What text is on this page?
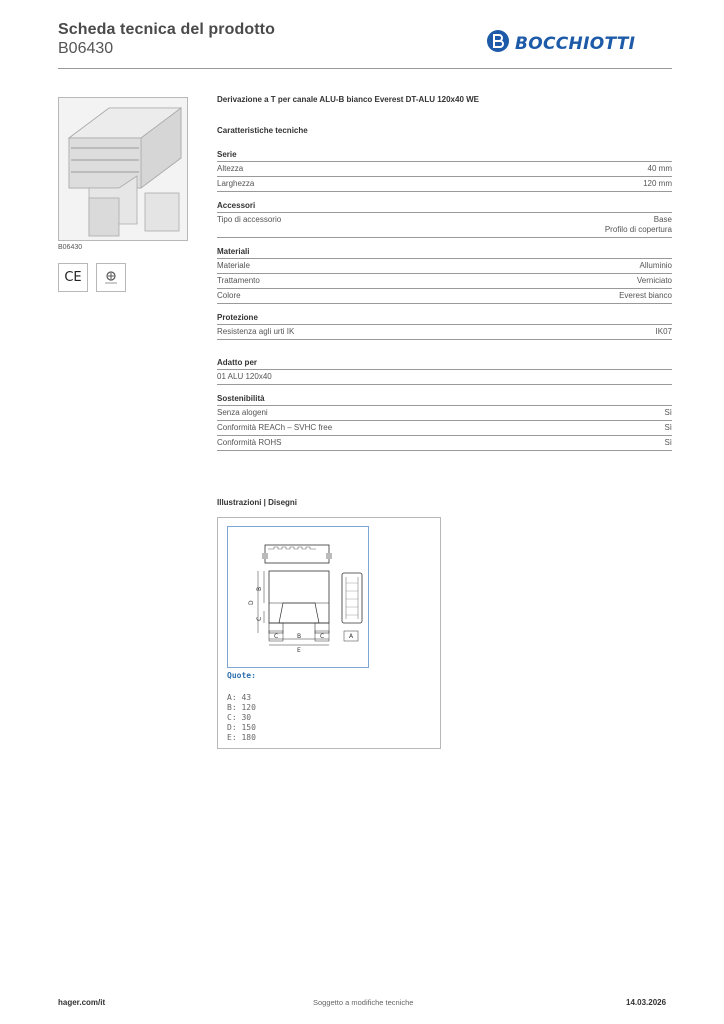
Scheda tecnica del prodotto
B06430	BOCCHIOTTI
B06430
CE
Derivazione a T per canale ALU-B bianco Everest DT-ALU 120x40 WE
Caratteristiche tecniche
Serie
Altezza	40 mm
Larghezza	120 mm
Accessori
Tipo di accessorio	Base
Profilo di copertura
Materiali
Materiale	Alluminio
Trattamento	Verniciato
Colore	Everest bianco
Protezione
Resistenza agli urti IK	IK07
Adatto per
01 ALU 120x40
Sostenibilità
Senza alogeni	Sì
Conformità REACh – SVHC free	Sì
Conformità ROHS	Sì
Illustrazioni | Disegni
C	B	C	A
E
D
B
C
Quote:
A: 43
B: 120
C: 30
D: 150
E: 180
hager.com/it	Soggetto a modifiche tecniche	14.03.2026
